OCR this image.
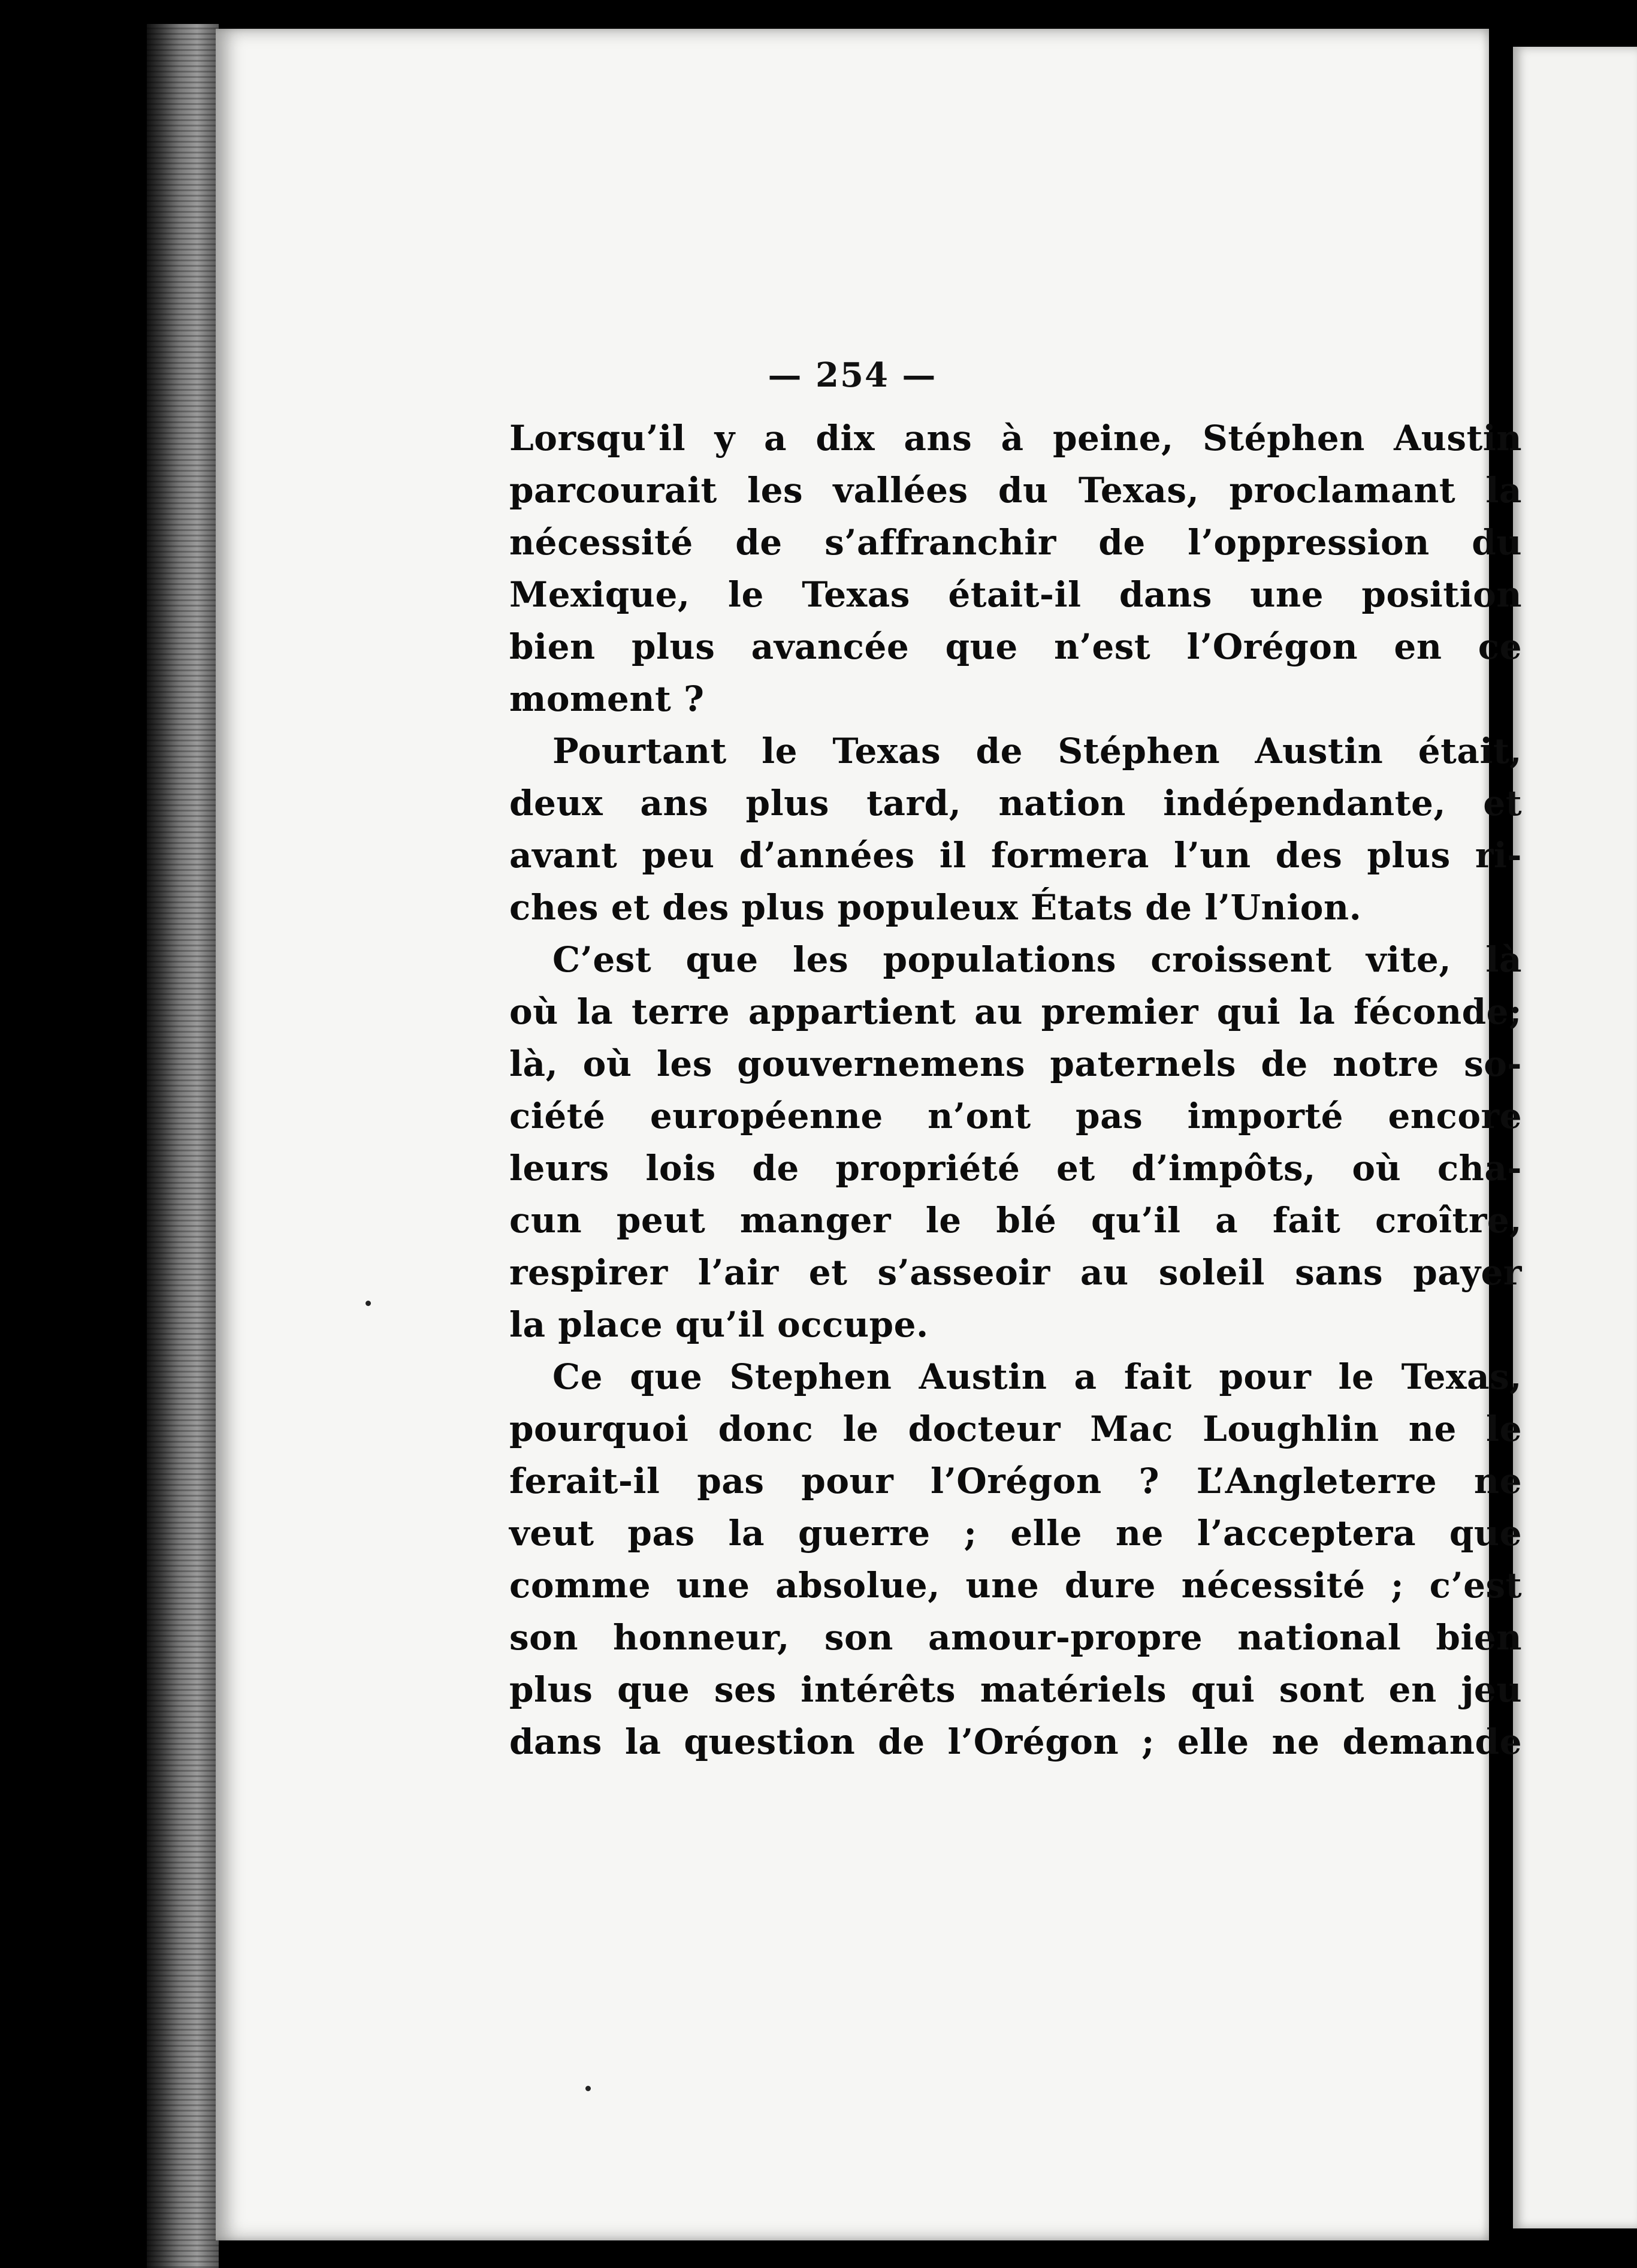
— 254 —
Lorsqu’il y a dix ans à peine, Stéphen Austin
parcourait les vallées du Texas, proclamant la
nécessité de s’affranchir de l’oppression du
Mexique, le Texas était-il dans une position
bien plus avancée que n’est l’Orégon en ce
moment ?
Pourtant le Texas de Stéphen Austin était,
deux ans plus tard, nation indépendante, et
avant peu d’années il formera l’un des plus ri-
ches et des plus populeux États de l’Union.
C’est que les populations croissent vite, là
où la terre appartient au premier qui la féconde;
là, où les gouvernemens paternels de notre so-
ciété européenne n’ont pas importé encore
leurs lois de propriété et d’impôts, où cha-
cun peut manger le blé qu’il a fait croître,
respirer l’air et s’asseoir au soleil sans payer
la place qu’il occupe.
Ce que Stephen Austin a fait pour le Texas,
pourquoi donc le docteur Mac Loughlin ne le
ferait-il pas pour l’Orégon ? L’Angleterre ne
veut pas la guerre ; elle ne l’acceptera que
comme une absolue, une dure nécessité ; c’est
son honneur, son amour-propre national bien
plus que ses intérêts matériels qui sont en jeu
dans la question de l’Orégon ; elle ne demande
